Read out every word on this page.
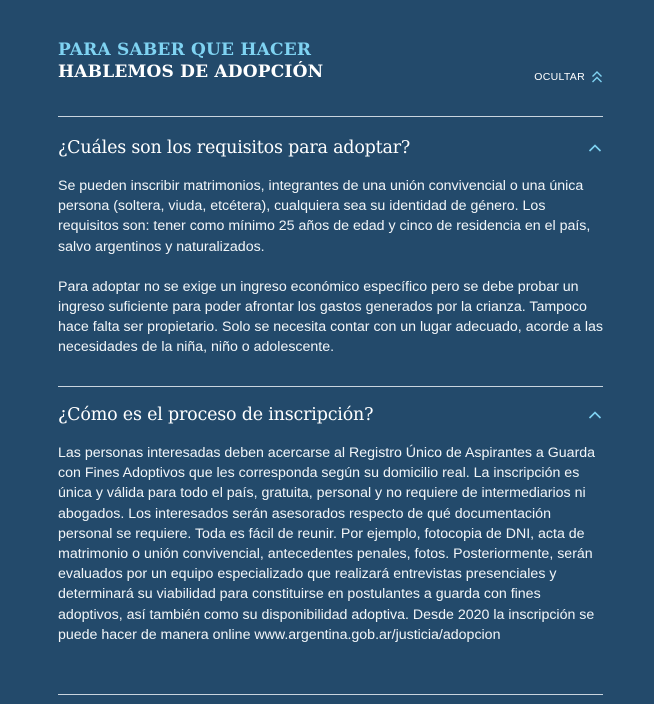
PARA SABER QUE HACER
HABLEMOS DE ADOPCIÓN	OCULTAR
¿Cuáles son los requisitos para adoptar?

Se pueden inscribir matrimonios, integrantes de una unión convivencial o una única persona (soltera, viuda, etcétera), cualquiera sea su identidad de género. Los requisitos son: tener como mínimo 25 años de edad y cinco de residencia en el país, salvo argentinos y naturalizados.

Para adoptar no se exige un ingreso económico específico pero se debe probar un ingreso suficiente para poder afrontar los gastos generados por la crianza. Tampoco hace falta ser propietario. Solo se necesita contar con un lugar adecuado, acorde a las necesidades de la niña, niño o adolescente.

¿Cómo es el proceso de inscripción?

Las personas interesadas deben acercarse al Registro Único de Aspirantes a Guarda con Fines Adoptivos que les corresponda según su domicilio real. La inscripción es única y válida para todo el país, gratuita, personal y no requiere de intermediarios ni abogados. Los interesados serán asesorados respecto de qué documentación personal se requiere. Toda es fácil de reunir. Por ejemplo, fotocopia de DNI, acta de matrimonio o unión convivencial, antecedentes penales, fotos. Posteriormente, serán evaluados por un equipo especializado que realizará entrevistas presenciales y determinará su viabilidad para constituirse en postulantes a guarda con fines adoptivos, así también como su disponibilidad adoptiva. Desde 2020 la inscripción se puede hacer de manera online www.argentina.gob.ar/justicia/adopcion
